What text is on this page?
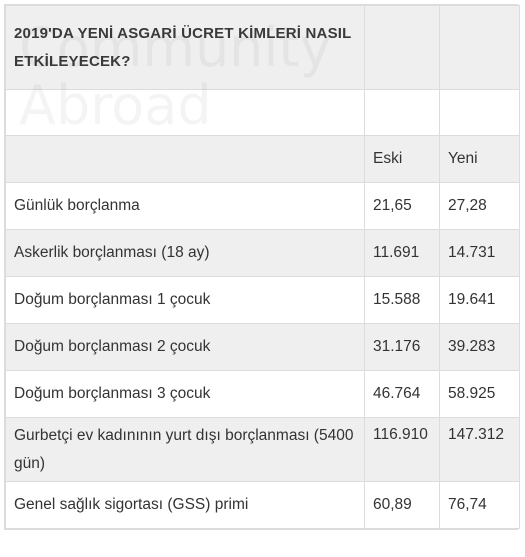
2019'DA YENİ ASGARİ ÜCRET KİMLERİ NASIL ETKİLEYECEK?		

	Eski	Yeni
Günlük borçlanma	21,65	27,28
Askerlik borçlanması (18 ay)	11.691	14.731
Doğum borçlanması 1 çocuk	15.588	19.641
Doğum borçlanması 2 çocuk	31.176	39.283
Doğum borçlanması 3 çocuk	46.764	58.925
Gurbetçi ev kadınının yurt dışı borçlanması (5400 gün)	116.910	147.312
Genel sağlık sigortası (GSS) primi	60,89	76,74
